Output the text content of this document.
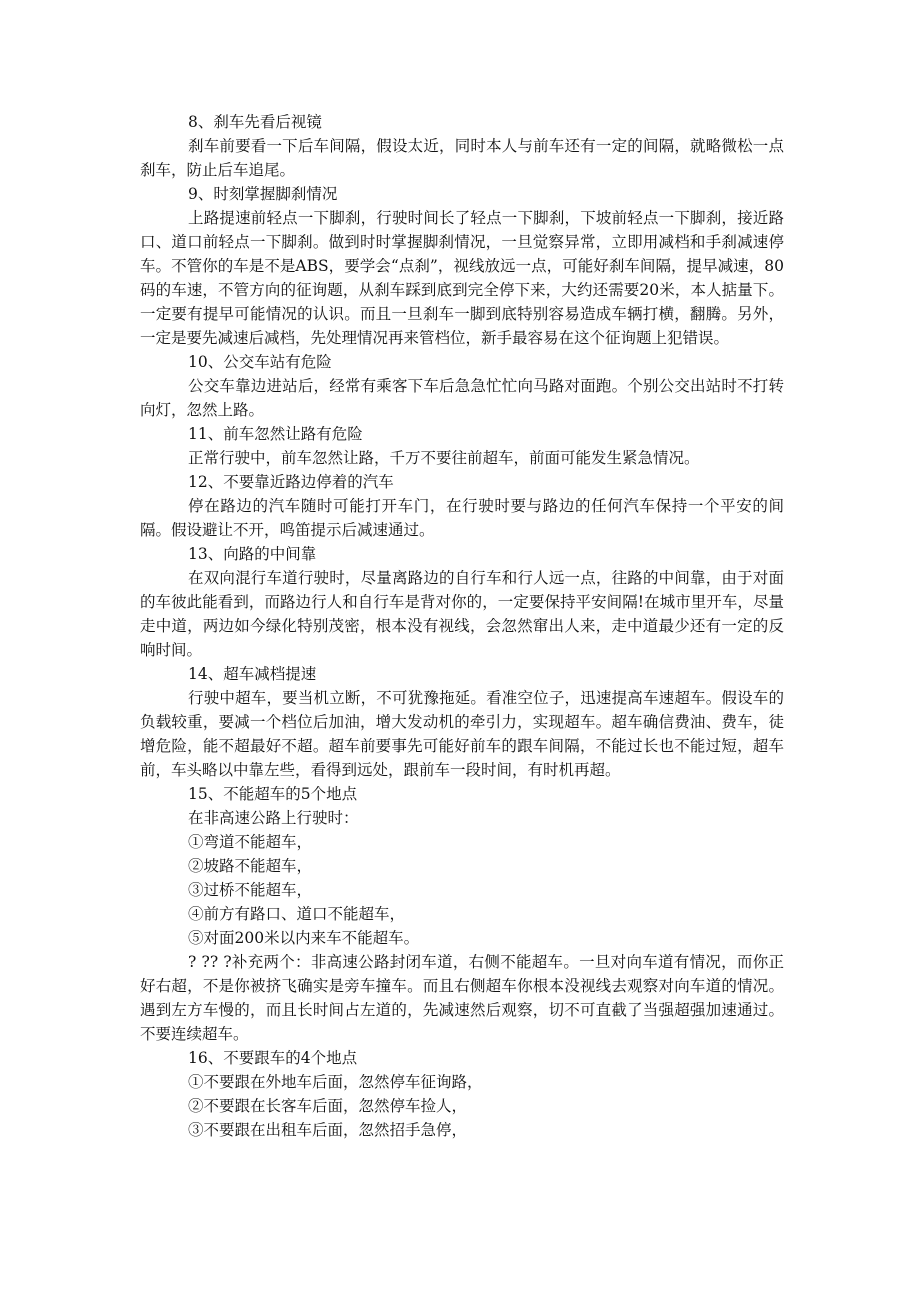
8、刹车先看后视镜

刹车前要看一下后车间隔，假设太近，同时本人与前车还有一定的间隔，就略微松一点刹车，防止后车追尾。

9、时刻掌握脚刹情况

上路提速前轻点一下脚刹，行驶时间长了轻点一下脚刹，下坡前轻点一下脚刹，接近路口、道口前轻点一下脚刹。做到时时掌握脚刹情况，一旦觉察异常，立即用减档和手刹减速停车。不管你的车是不是ABS，要学会“点刹”，视线放远一点，可能好刹车间隔，提早减速，80码的车速，不管方向的征询题，从刹车踩到底到完全停下来，大约还需要20米，本人掂量下。一定要有提早可能情况的认识。而且一旦刹车一脚到底特别容易造成车辆打横，翻腾。另外，一定是要先减速后减档，先处理情况再来管档位，新手最容易在这个征询题上犯错误。

10、公交车站有危险

公交车靠边进站后，经常有乘客下车后急急忙忙向马路对面跑。个别公交出站时不打转向灯，忽然上路。

11、前车忽然让路有危险

正常行驶中，前车忽然让路，千万不要往前超车，前面可能发生紧急情况。

12、不要靠近路边停着的汽车

停在路边的汽车随时可能打开车门，在行驶时要与路边的任何汽车保持一个平安的间隔。假设避让不开，鸣笛提示后减速通过。

13、向路的中间靠

在双向混行车道行驶时，尽量离路边的自行车和行人远一点，往路的中间靠，由于对面的车彼此能看到，而路边行人和自行车是背对你的，一定要保持平安间隔!在城市里开车，尽量走中道，两边如今绿化特别茂密，根本没有视线，会忽然窜出人来，走中道最少还有一定的反响时间。

14、超车减档提速

行驶中超车，要当机立断，不可犹豫拖延。看准空位子，迅速提高车速超车。假设车的负载较重，要减一个档位后加油，增大发动机的牵引力，实现超车。超车确信费油、费车，徒增危险，能不超最好不超。超车前要事先可能好前车的跟车间隔，不能过长也不能过短，超车前，车头略以中靠左些，看得到远处，跟前车一段时间，有时机再超。

15、不能超车的5个地点

在非高速公路上行驶时：

①弯道不能超车，

②坡路不能超车，

③过桥不能超车，

④前方有路口、道口不能超车，

⑤对面200米以内来车不能超车。

? ?? ?补充两个：非高速公路封闭车道，右侧不能超车。一旦对向车道有情况，而你正好右超，不是你被挤飞确实是旁车撞车。而且右侧超车你根本没视线去观察对向车道的情况。遇到左方车慢的，而且长时间占左道的，先减速然后观察，切不可直截了当强超强加速通过。不要连续超车。

16、不要跟车的4个地点

①不要跟在外地车后面，忽然停车征询路，

②不要跟在长客车后面，忽然停车捡人，

③不要跟在出租车后面，忽然招手急停，
